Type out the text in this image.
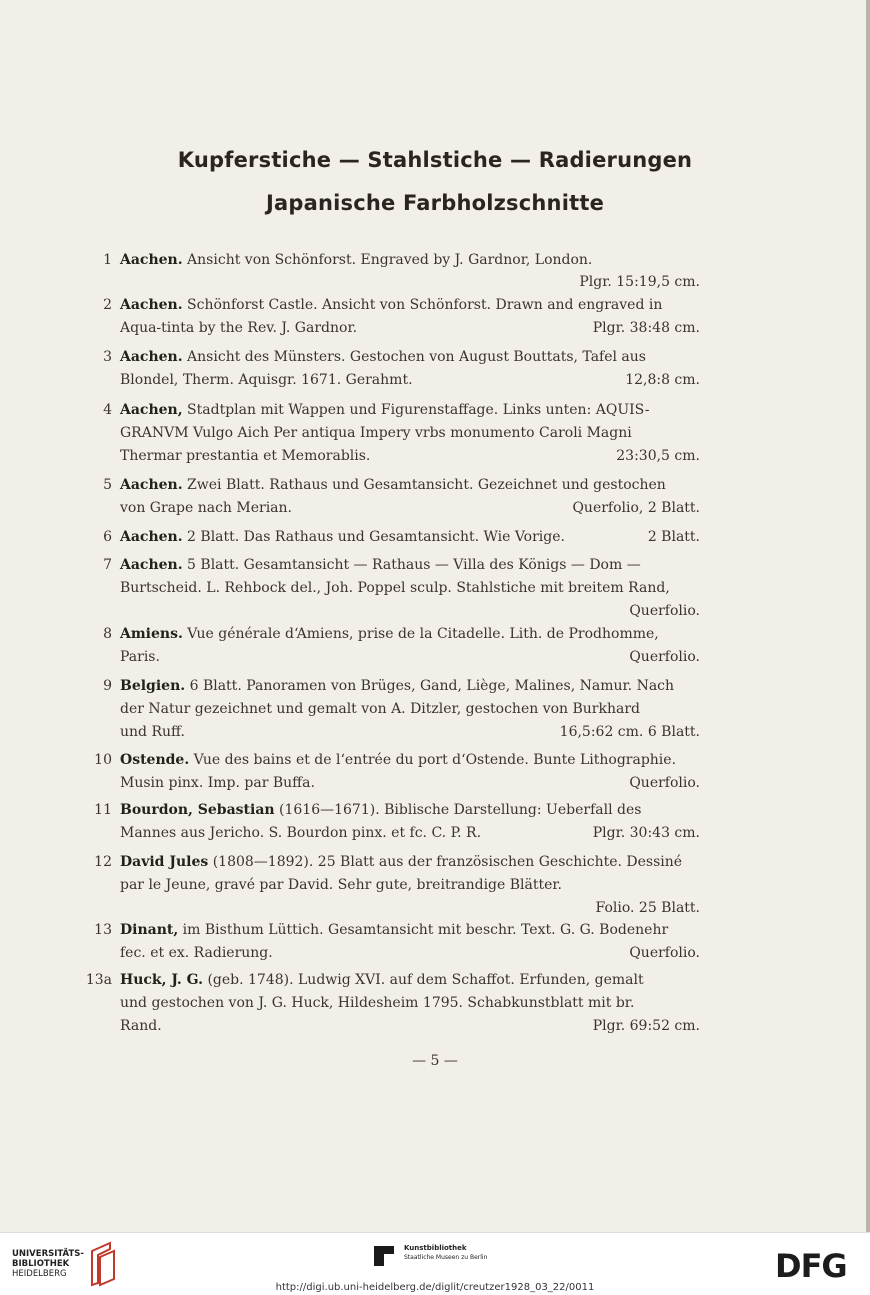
Kupferstiche — Stahlstiche — Radierungen
Japanische Farbholzschnitte
1 Aachen. Ansicht von Schönforst. Engraved by J. Gardnor, London.
Plgr. 15:19,5 cm.
2 Aachen. Schönforst Castle. Ansicht von Schönforst. Drawn and engraved in
Aqua-tinta by the Rev. J. Gardnor.	Plgr. 38:48 cm.
3 Aachen. Ansicht des Münsters. Gestochen von August Bouttats, Tafel aus
Blondel, Therm. Aquisgr. 1671. Gerahmt.	12,8:8 cm.
4 Aachen, Stadtplan mit Wappen und Figurenstaffage. Links unten: AQUIS-
GRANVM Vulgo Aich Per antiqua Impery vrbs monumento Caroli Magni
Thermar prestantia et Memorablis.	23:30,5 cm.
5 Aachen. Zwei Blatt. Rathaus und Gesamtansicht. Gezeichnet und gestochen
von Grape nach Merian.	Querfolio, 2 Blatt.
6 Aachen. 2 Blatt. Das Rathaus und Gesamtansicht. Wie Vorige.	2 Blatt.
7 Aachen. 5 Blatt. Gesamtansicht — Rathaus — Villa des Königs — Dom —
Burtscheid. L. Rehbock del., Joh. Poppel sculp. Stahlstiche mit breitem Rand,
Querfolio.
8 Amiens. Vue générale d‘Amiens, prise de la Citadelle. Lith. de Prodhomme,
Paris.	Querfolio.
9 Belgien. 6 Blatt. Panoramen von Brüges, Gand, Liège, Malines, Namur. Nach
der Natur gezeichnet und gemalt von A. Ditzler, gestochen von Burkhard
und Ruff.	16,5:62 cm. 6 Blatt.
10 Ostende. Vue des bains et de l‘entrée du port d‘Ostende. Bunte Lithographie.
Musin pinx. Imp. par Buffa.	Querfolio.
11 Bourdon, Sebastian (1616—1671). Biblische Darstellung: Ueberfall des
Mannes aus Jericho. S. Bourdon pinx. et fc. C. P. R.	Plgr. 30:43 cm.
12 David Jules (1808—1892). 25 Blatt aus der französischen Geschichte. Dessiné
par le Jeune, gravé par David. Sehr gute, breitrandige Blätter.
Folio. 25 Blatt.
13 Dinant, im Bisthum Lüttich. Gesamtansicht mit beschr. Text. G. G. Bodenehr
fec. et ex. Radierung.	Querfolio.
13a Huck, J. G. (geb. 1748). Ludwig XVI. auf dem Schaffot. Erfunden, gemalt
und gestochen von J. G. Huck, Hildesheim 1795. Schabkunstblatt mit br.
Rand.	Plgr. 69:52 cm.
— 5 —
UNIVERSITÄTS-
BIBLIOTHEK
HEIDELBERG
Kunstbibliothek
Staatliche Museen zu Berlin	DFG
http://digi.ub.uni-heidelberg.de/diglit/creutzer1928_03_22/0011
